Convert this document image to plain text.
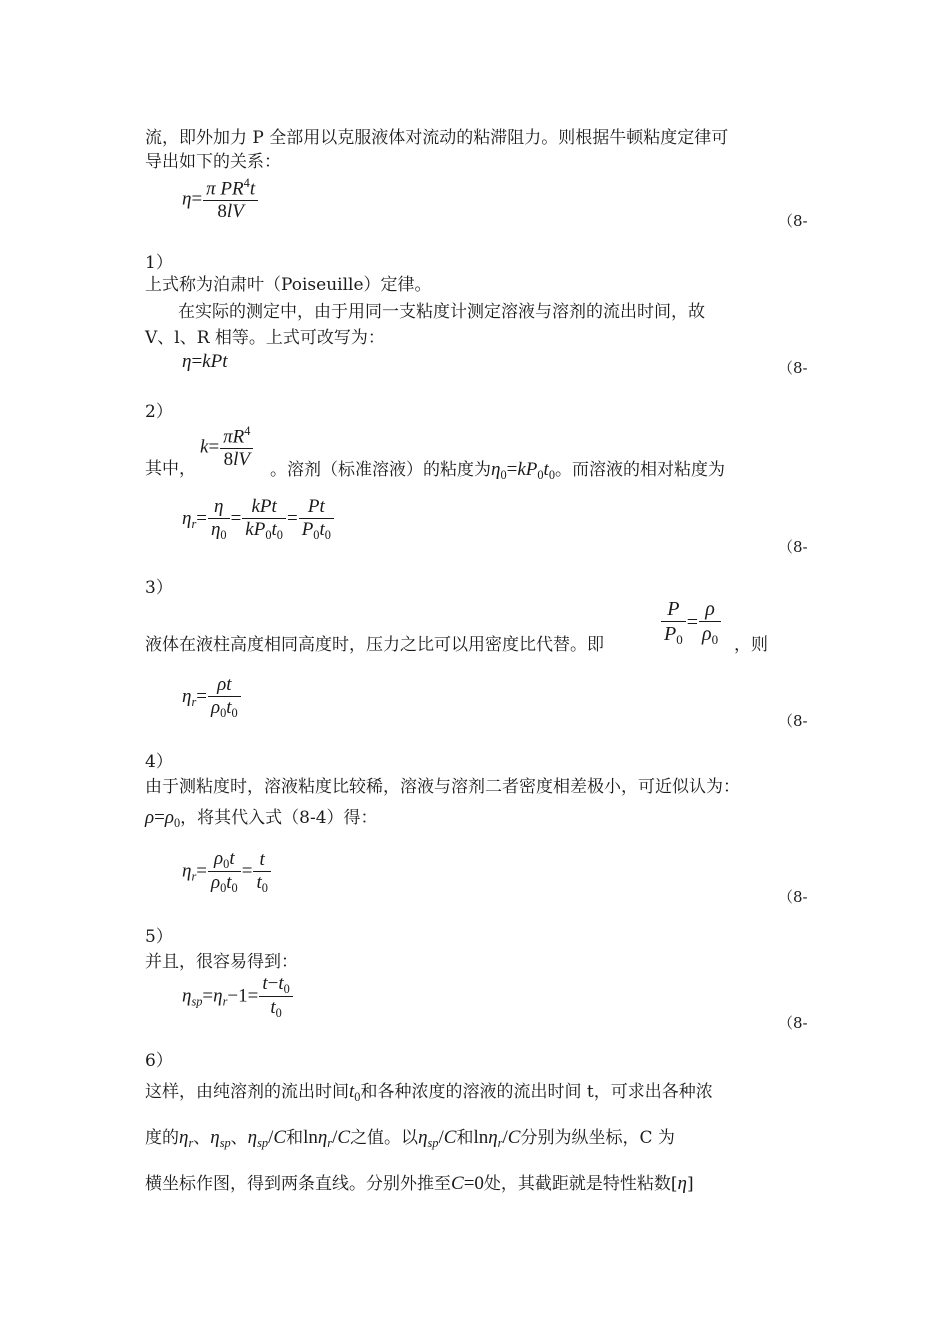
流，即外加力 P 全部用以克服液体对流动的粘滞阻力。则根据牛顿粘度定律可
导出如下的关系：
$\eta= \frac{\pi PR^4t}{8lV}$	（8-
1）
上式称为泊肃叶（Poiseuille）定律。
在实际的测定中，由于用同一支粘度计测定溶液与溶剂的流出时间，故
V、l、R 相等。上式可改写为：
η=kPt	（8-
2）
其中，
$k= \frac{\pi R^4}{8lV}$ 。溶剂（标准溶液）的粘度为$\eta_0=kP_0t_0$。而溶液的相对粘度为
$\eta_r= \frac{\eta}{\eta_0} = \frac{\text{kPt}}{kP_0t_0} = \frac{Pt}{P_0t_0}$
（8-
3）
液体在液柱高度相同高度时，压力之比可以用密度比代替。即	$\frac{P}{P_0} = \frac{\rho}{\rho_0}$ ，则
$\eta_r= \frac{\rho t}{\rho_0t_0}$
（8-
4）
由于测粘度时，溶液粘度比较稀，溶液与溶剂二者密度相差极小，可近似认为：
$\rho=\rho_0$，将其代入式（8-4）得：
$\eta_r= \frac{\rho_0t}{\rho_0t_0} = \frac{t}{t_0}$
（8-
5）
并且，很容易得到：
$\eta_{sp}=\eta_r-1= \frac{t-t_0}{t_0}$
（8-
6）
这样，由纯溶剂的流出时间$t_0$和各种浓度的溶液的流出时间 t，可求出各种浓
度的$\eta_r$、$\eta_{sp}$、$\eta_{sp}/C$和lnη$_r$/C之值。以$\eta_{sp}/C$和lnη$_r$/C分别为纵坐标，C 为
横坐标作图，得到两条直线。分别外推至C=0处，其截距就是特性粘数[η]
